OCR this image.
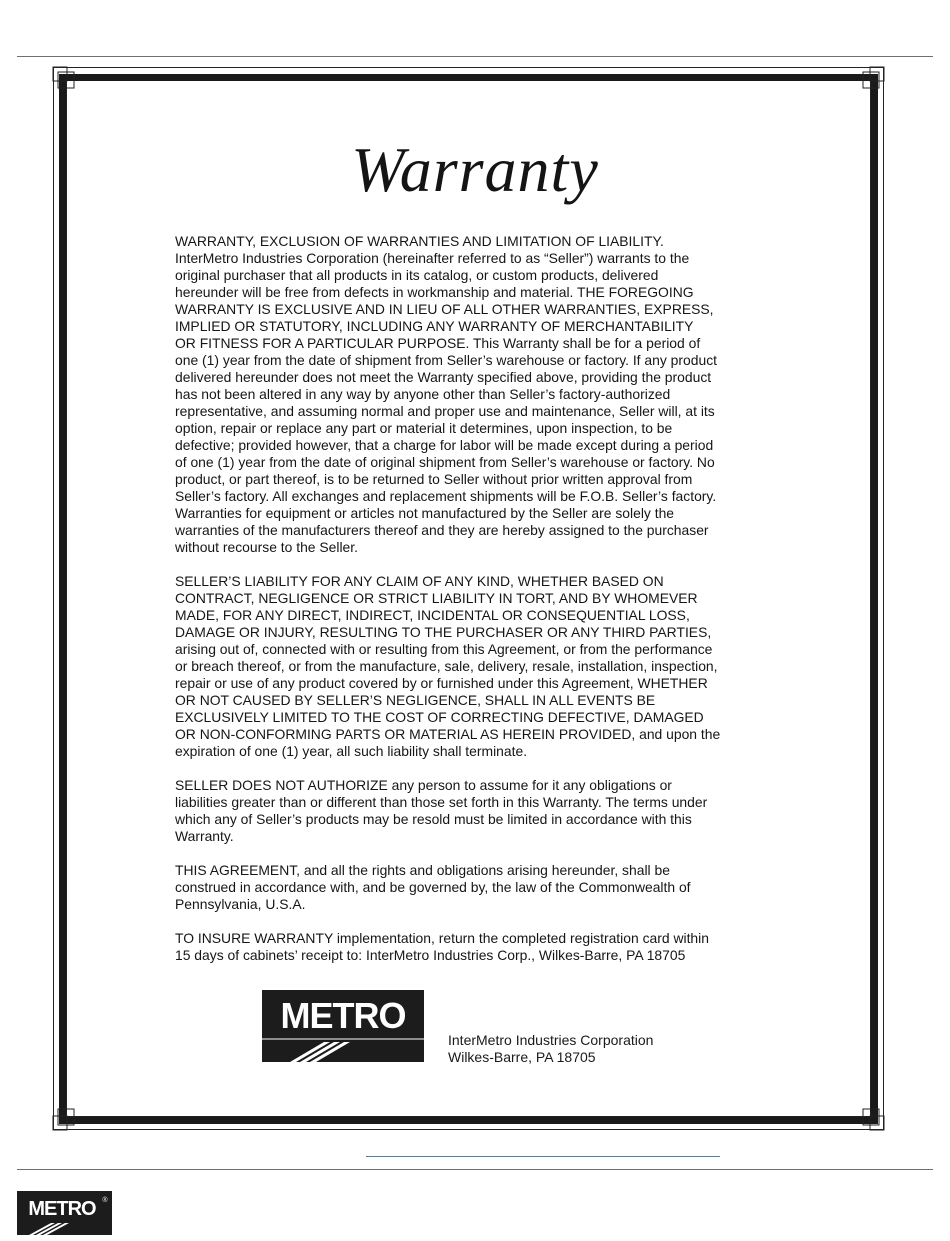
Warranty

WARRANTY, EXCLUSION OF WARRANTIES AND LIMITATION OF LIABILITY.
InterMetro Industries Corporation (hereinafter referred to as “Seller”) warrants to the
original purchaser that all products in its catalog, or custom products, delivered
hereunder will be free from defects in workmanship and material. THE FOREGOING
WARRANTY IS EXCLUSIVE AND IN LIEU OF ALL OTHER WARRANTIES, EXPRESS,
IMPLIED OR STATUTORY, INCLUDING ANY WARRANTY OF MERCHANTABILITY
OR FITNESS FOR A PARTICULAR PURPOSE. This Warranty shall be for a period of
one (1) year from the date of shipment from Seller’s warehouse or factory. If any product
delivered hereunder does not meet the Warranty specified above, providing the product
has not been altered in any way by anyone other than Seller’s factory-authorized
representative, and assuming normal and proper use and maintenance, Seller will, at its
option, repair or replace any part or material it determines, upon inspection, to be
defective; provided however, that a charge for labor will be made except during a period
of one (1) year from the date of original shipment from Seller’s warehouse or factory. No
product, or part thereof, is to be returned to Seller without prior written approval from
Seller’s factory. All exchanges and replacement shipments will be F.O.B. Seller’s factory.
Warranties for equipment or articles not manufactured by the Seller are solely the
warranties of the manufacturers thereof and they are hereby assigned to the purchaser
without recourse to the Seller.

SELLER’S LIABILITY FOR ANY CLAIM OF ANY KIND, WHETHER BASED ON
CONTRACT, NEGLIGENCE OR STRICT LIABILITY IN TORT, AND BY WHOMEVER
MADE, FOR ANY DIRECT, INDIRECT, INCIDENTAL OR CONSEQUENTIAL LOSS,
DAMAGE OR INJURY, RESULTING TO THE PURCHASER OR ANY THIRD PARTIES,
arising out of, connected with or resulting from this Agreement, or from the performance
or breach thereof, or from the manufacture, sale, delivery, resale, installation, inspection,
repair or use of any product covered by or furnished under this Agreement, WHETHER
OR NOT CAUSED BY SELLER’S NEGLIGENCE, SHALL IN ALL EVENTS BE
EXCLUSIVELY LIMITED TO THE COST OF CORRECTING DEFECTIVE, DAMAGED
OR NON-CONFORMING PARTS OR MATERIAL AS HEREIN PROVIDED, and upon the
expiration of one (1) year, all such liability shall terminate.

SELLER DOES NOT AUTHORIZE any person to assume for it any obligations or
liabilities greater than or different than those set forth in this Warranty. The terms under
which any of Seller’s products may be resold must be limited in accordance with this
Warranty.

THIS AGREEMENT, and all the rights and obligations arising hereunder, shall be
construed in accordance with, and be governed by, the law of the Commonwealth of
Pennsylvania, U.S.A.

TO INSURE WARRANTY implementation, return the completed registration card within
15 days of cabinets’ receipt to: InterMetro Industries Corp., Wilkes-Barre, PA 18705

METRO
InterMetro Industries Corporation
Wilkes-Barre, PA 18705
METRO ®
